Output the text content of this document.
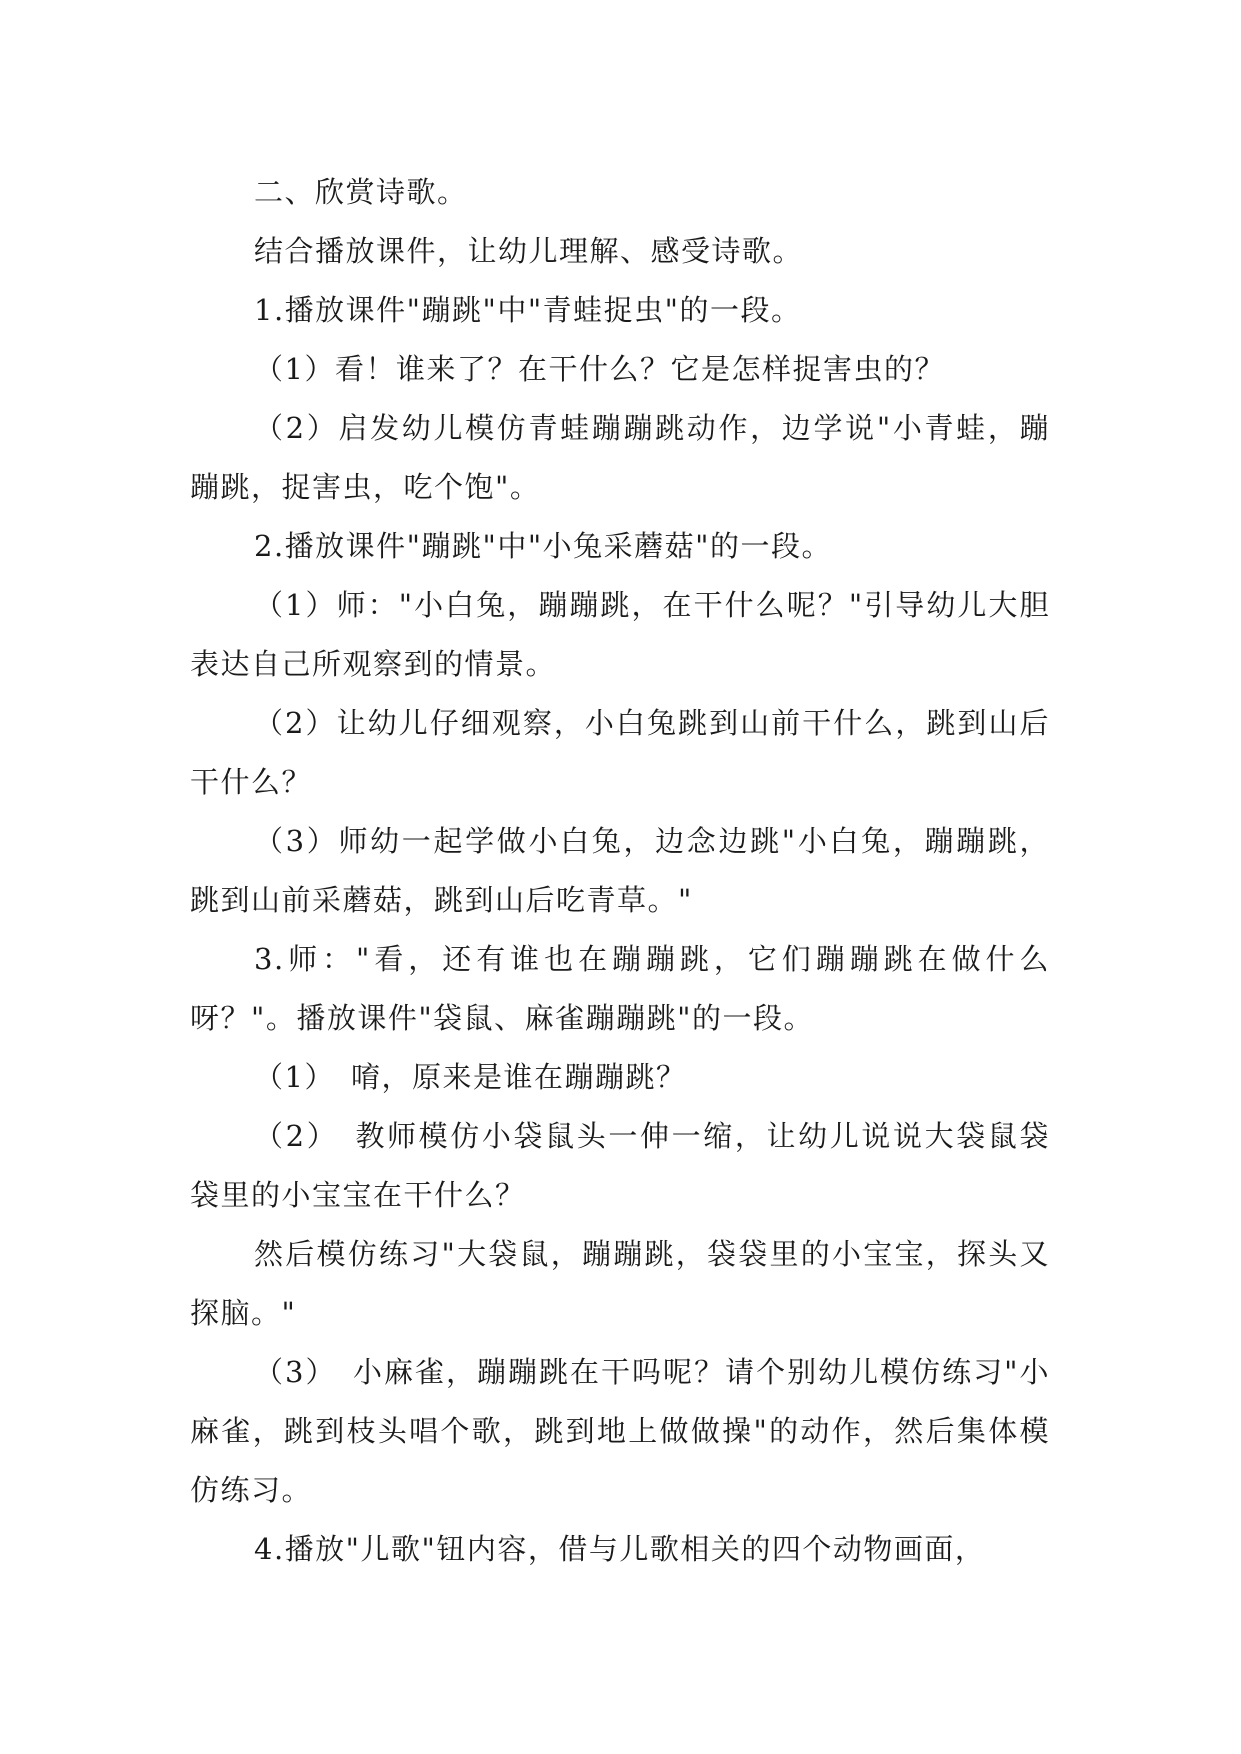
二、欣赏诗歌。

结合播放课件，让幼儿理解、感受诗歌。

1.播放课件"蹦跳"中"青蛙捉虫"的一段。

（1）看！谁来了？在干什么？它是怎样捉害虫的？

（2）启发幼儿模仿青蛙蹦蹦跳动作，边学说"小青蛙，蹦蹦跳，捉害虫，吃个饱"。

2.播放课件"蹦跳"中"小兔采蘑菇"的一段。

（1）师："小白兔，蹦蹦跳，在干什么呢？"引导幼儿大胆表达自己所观察到的情景。

（2）让幼儿仔细观察，小白兔跳到山前干什么，跳到山后干什么？

（3）师幼一起学做小白兔，边念边跳"小白兔，蹦蹦跳，跳到山前采蘑菇，跳到山后吃青草。"

3.师："看，还有谁也在蹦蹦跳，它们蹦蹦跳在做什么呀？"。播放课件"袋鼠、麻雀蹦蹦跳"的一段。

（1）　唷，原来是谁在蹦蹦跳？

（2）　教师模仿小袋鼠头一伸一缩，让幼儿说说大袋鼠袋袋里的小宝宝在干什么？

然后模仿练习"大袋鼠，蹦蹦跳，袋袋里的小宝宝，探头又探脑。"

（3）　小麻雀，蹦蹦跳在干吗呢？请个别幼儿模仿练习"小麻雀，跳到枝头唱个歌，跳到地上做做操"的动作，然后集体模仿练习。

4.播放"儿歌"钮内容，借与儿歌相关的四个动物画面，
